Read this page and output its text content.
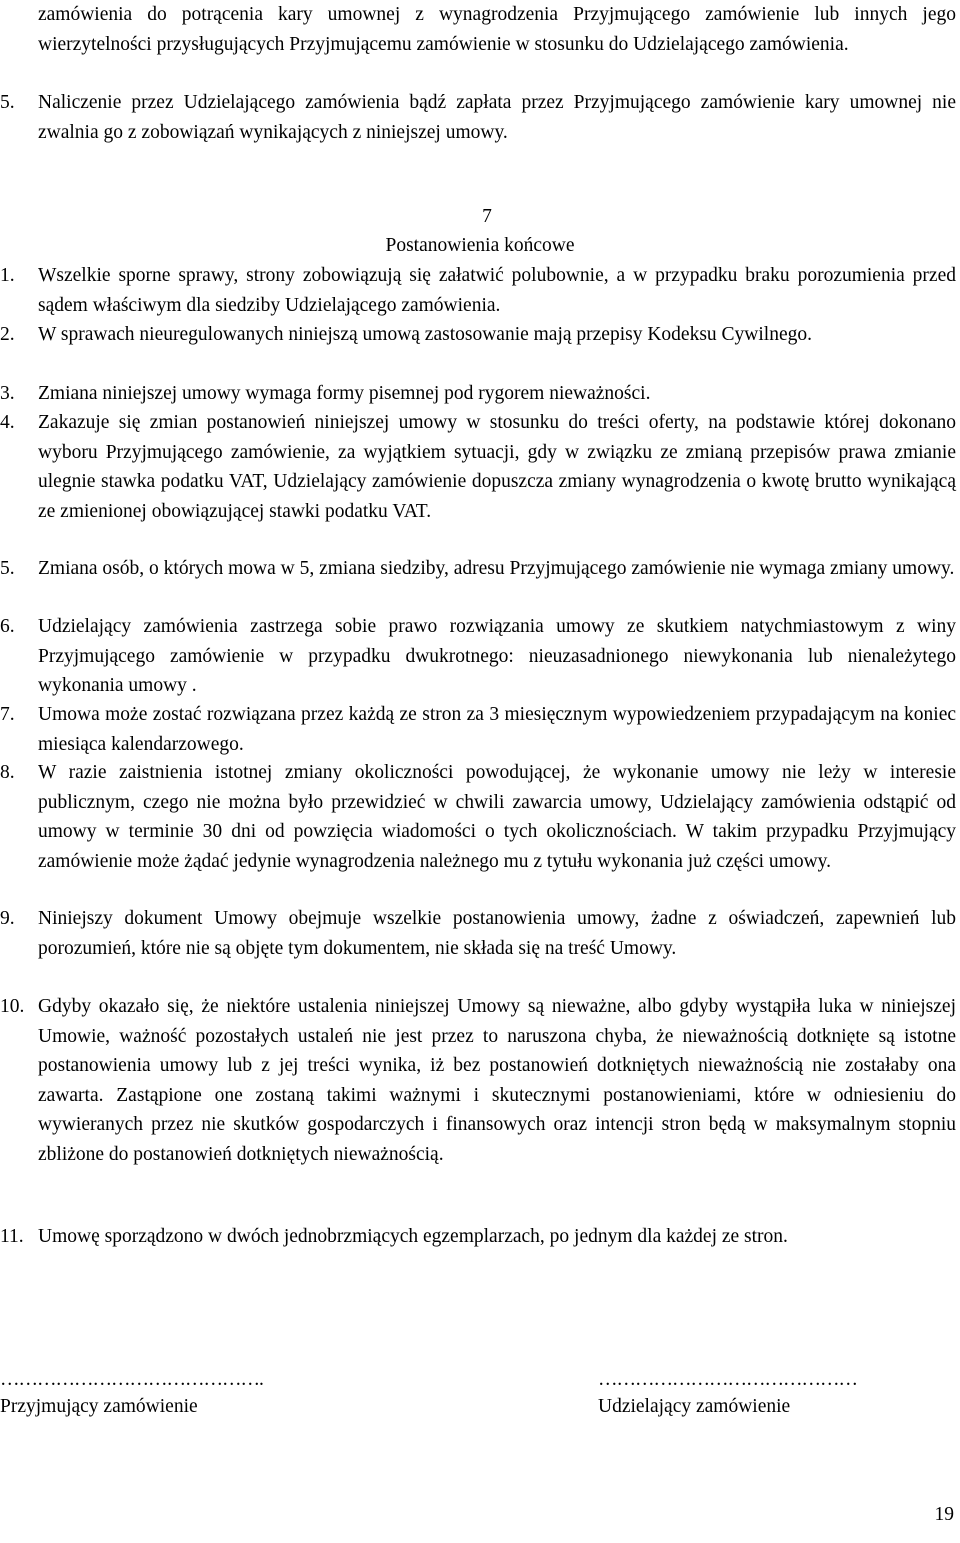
zamówienia do potrącenia kary umownej z wynagrodzenia Przyjmującego zamówienie lub innych jego wierzytelności przysługujących Przyjmującemu zamówienie w stosunku do Udzielającego zamówienia.

5. Naliczenie przez Udzielającego zamówienia bądź zapłata przez Przyjmującego zamówienie kary umownej nie zwalnia go z zobowiązań wynikających z niniejszej umowy.

7

Postanowienia końcowe

1. Wszelkie sporne sprawy, strony zobowiązują się załatwić polubownie, a w przypadku braku porozumienia przed sądem właściwym dla siedziby Udzielającego zamówienia.

2. W sprawach nieuregulowanych niniejszą umową zastosowanie mają przepisy Kodeksu Cywilnego.

3. Zmiana niniejszej umowy wymaga formy pisemnej pod rygorem nieważności.

4. Zakazuje się zmian postanowień niniejszej umowy w stosunku do treści oferty, na podstawie której dokonano wyboru Przyjmującego zamówienie, za wyjątkiem sytuacji, gdy w związku ze zmianą przepisów prawa zmianie ulegnie stawka podatku VAT, Udzielający zamówienie dopuszcza zmiany wynagrodzenia o kwotę brutto wynikającą ze zmienionej obowiązującej stawki podatku VAT.

5. Zmiana osób, o których mowa w 5, zmiana siedziby, adresu Przyjmującego zamówienie nie wymaga zmiany umowy.

6. Udzielający zamówienia zastrzega sobie prawo rozwiązania umowy ze skutkiem natychmiastowym z winy Przyjmującego zamówienie w przypadku dwukrotnego: nieuzasadnionego niewykonania lub nienależytego wykonania umowy .

7. Umowa może zostać rozwiązana przez każdą ze stron za 3 miesięcznym wypowiedzeniem przypadającym na koniec miesiąca kalendarzowego.

8. W razie zaistnienia istotnej zmiany okoliczności powodującej, że wykonanie umowy nie leży w interesie publicznym, czego nie można było przewidzieć w chwili zawarcia umowy, Udzielający zamówienia odstąpić od umowy w terminie 30 dni od powzięcia wiadomości o tych okolicznościach. W takim przypadku Przyjmujący zamówienie może żądać jedynie wynagrodzenia należnego mu z tytułu wykonania już części umowy.

9. Niniejszy dokument Umowy obejmuje wszelkie postanowienia umowy, żadne z oświadczeń, zapewnień lub porozumień, które nie są objęte tym dokumentem, nie składa się na treść Umowy.

10. Gdyby okazało się, że niektóre ustalenia niniejszej Umowy są nieważne, albo gdyby wystąpiła luka w niniejszej Umowie, ważność pozostałych ustaleń nie jest przez to naruszona chyba, że nieważnością dotknięte są istotne postanowienia umowy lub z jej treści wynika, iż bez postanowień dotkniętych nieważnością nie zostałaby ona zawarta. Zastąpione one zostaną takimi ważnymi i skutecznymi postanowieniami, które w odniesieniu do wywieranych przez nie skutków gospodarczych i finansowych oraz intencji stron będą w maksymalnym stopniu zbliżone do postanowień dotkniętych nieważnością.

11. Umowę sporządzono w dwóch jednobrzmiących egzemplarzach, po jednym dla każdej ze stron.

…………………………………….

Przyjmujący zamówienie

……………………………………

Udzielający zamówienie

19
